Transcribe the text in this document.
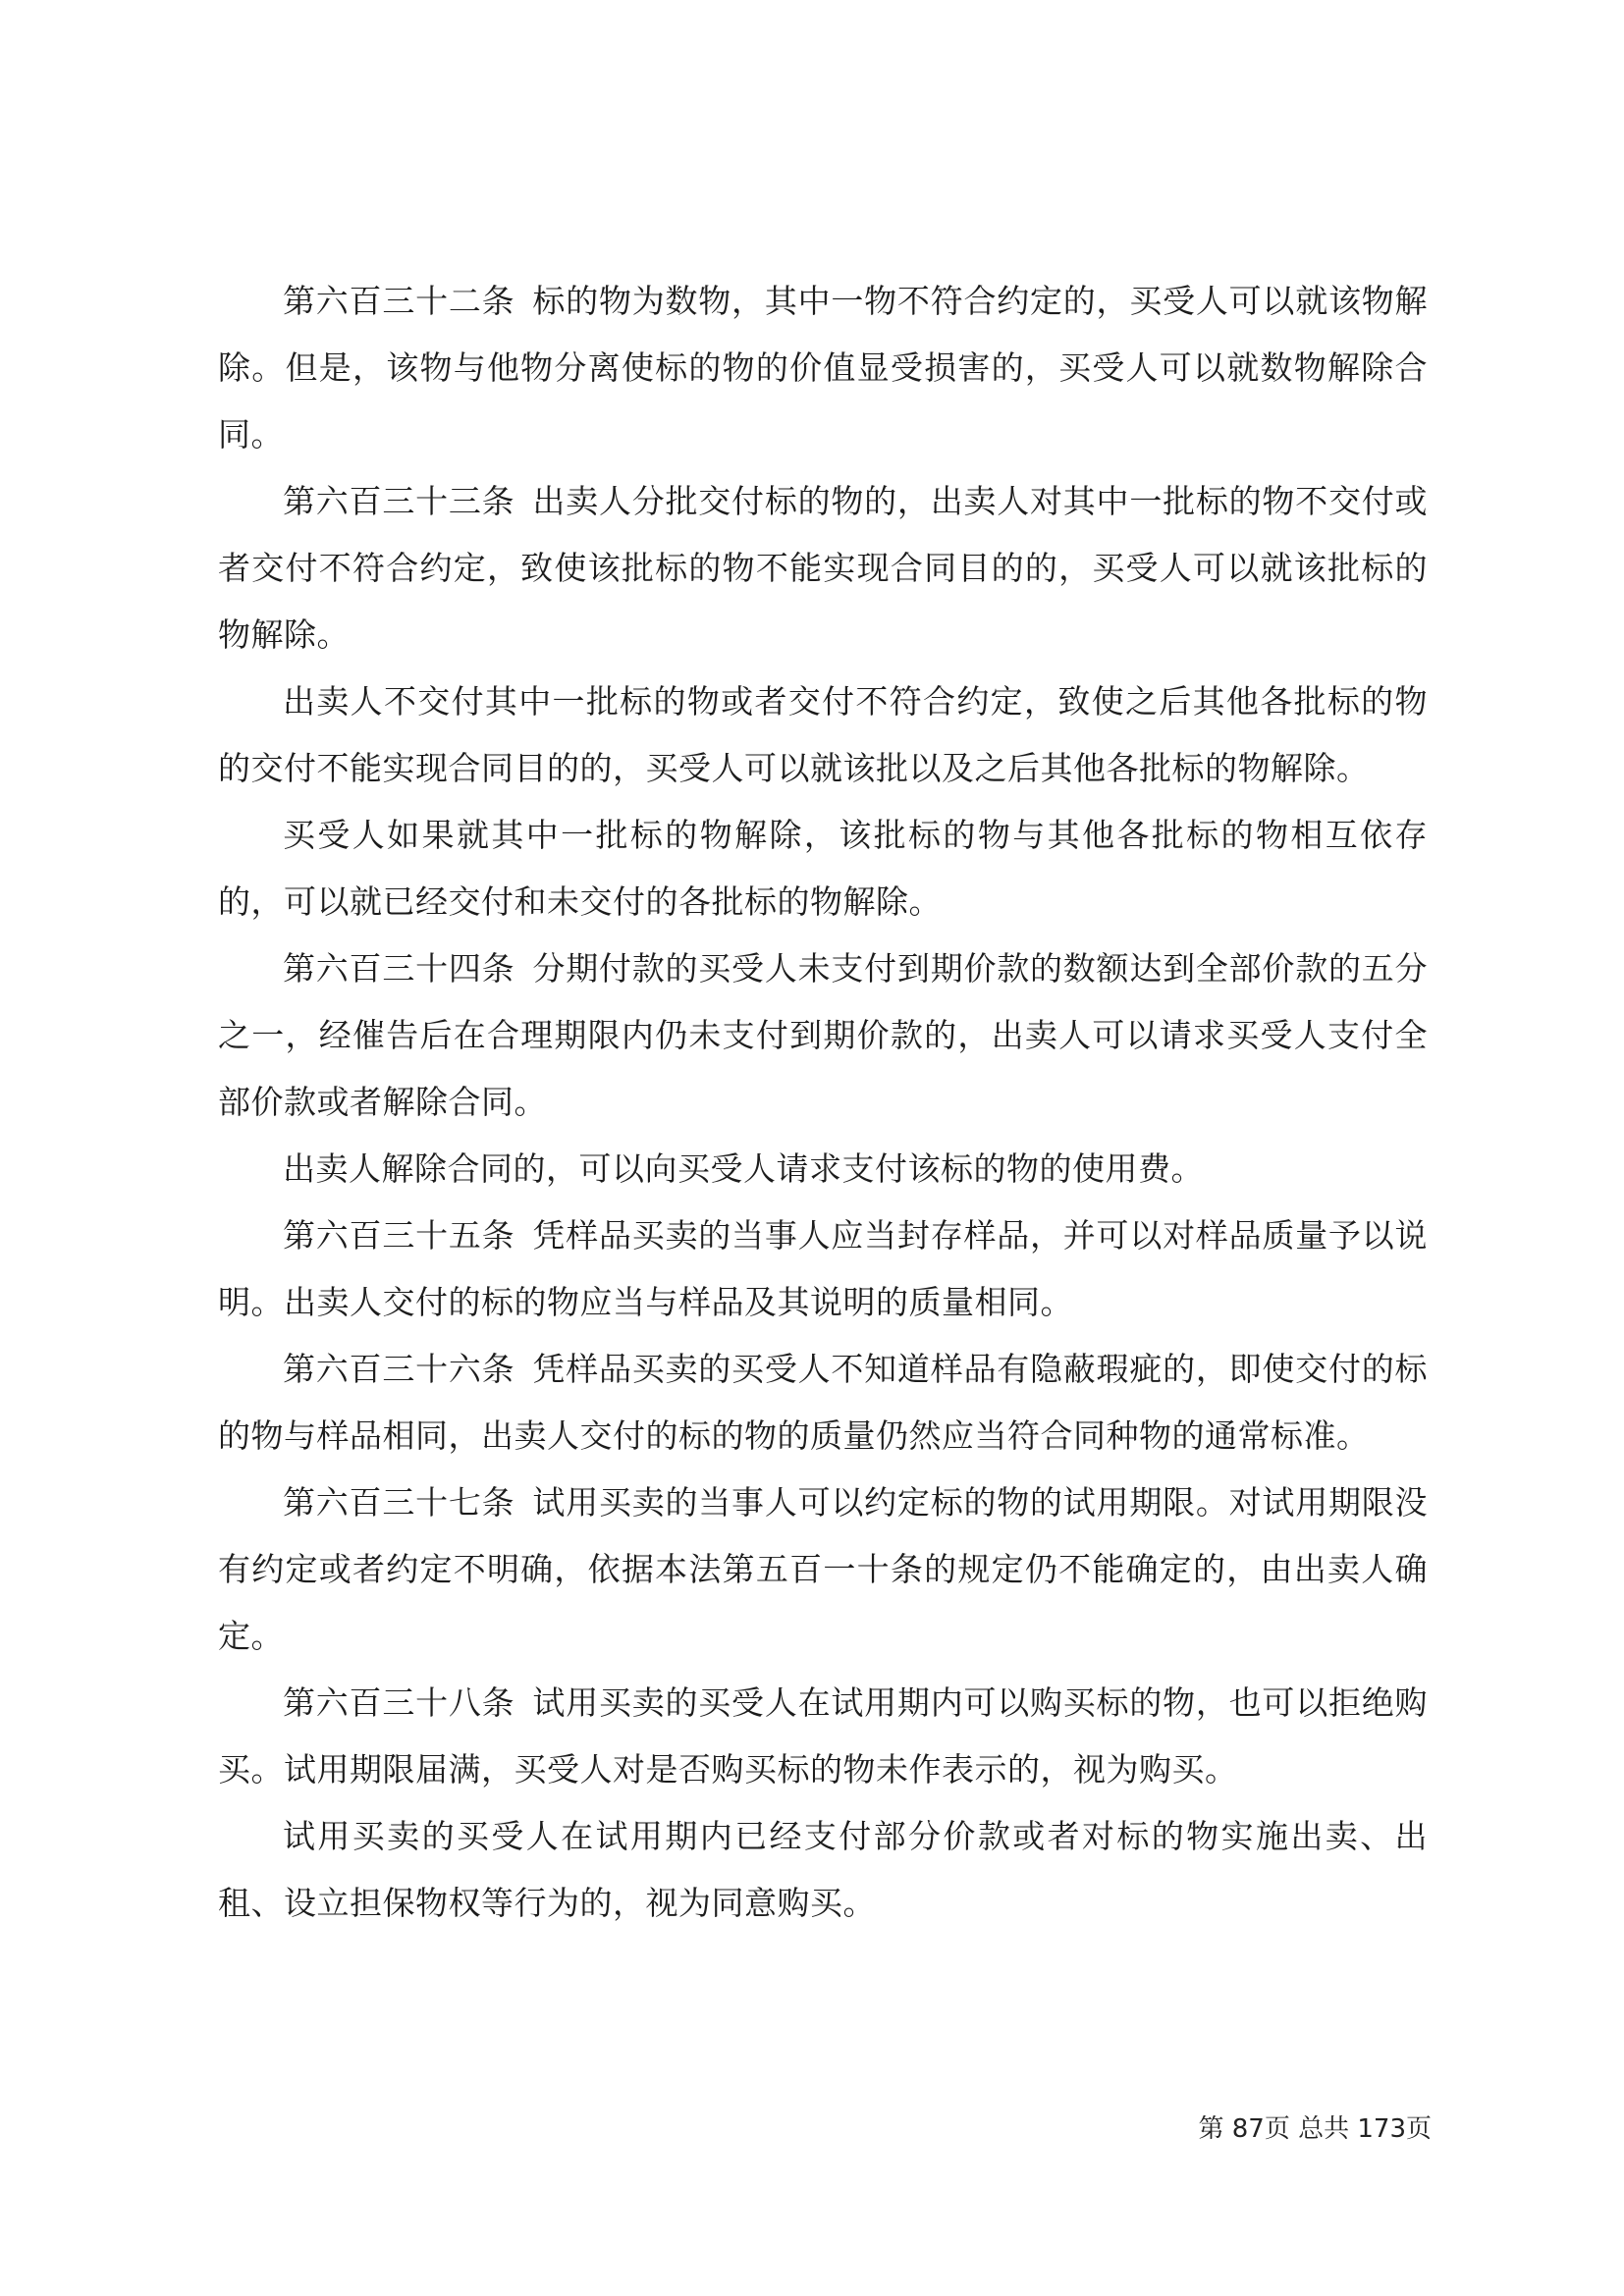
第六百三十二条 标的物为数物，其中一物不符合约定的，买受人可以就该物解除。但是，该物与他物分离使标的物的价值显受损害的，买受人可以就数物解除合同。

第六百三十三条 出卖人分批交付标的物的，出卖人对其中一批标的物不交付或者交付不符合约定，致使该批标的物不能实现合同目的的，买受人可以就该批标的物解除。

出卖人不交付其中一批标的物或者交付不符合约定，致使之后其他各批标的物的交付不能实现合同目的的，买受人可以就该批以及之后其他各批标的物解除。

买受人如果就其中一批标的物解除，该批标的物与其他各批标的物相互依存的，可以就已经交付和未交付的各批标的物解除。

第六百三十四条 分期付款的买受人未支付到期价款的数额达到全部价款的五分之一，经催告后在合理期限内仍未支付到期价款的，出卖人可以请求买受人支付全部价款或者解除合同。

出卖人解除合同的，可以向买受人请求支付该标的物的使用费。

第六百三十五条 凭样品买卖的当事人应当封存样品，并可以对样品质量予以说明。出卖人交付的标的物应当与样品及其说明的质量相同。

第六百三十六条 凭样品买卖的买受人不知道样品有隐蔽瑕疵的，即使交付的标的物与样品相同，出卖人交付的标的物的质量仍然应当符合同种物的通常标准。

第六百三十七条 试用买卖的当事人可以约定标的物的试用期限。对试用期限没有约定或者约定不明确，依据本法第五百一十条的规定仍不能确定的，由出卖人确定。

第六百三十八条 试用买卖的买受人在试用期内可以购买标的物，也可以拒绝购买。试用期限届满，买受人对是否购买标的物未作表示的，视为购买。

试用买卖的买受人在试用期内已经支付部分价款或者对标的物实施出卖、出租、设立担保物权等行为的，视为同意购买。

第 87页 总共 173页
